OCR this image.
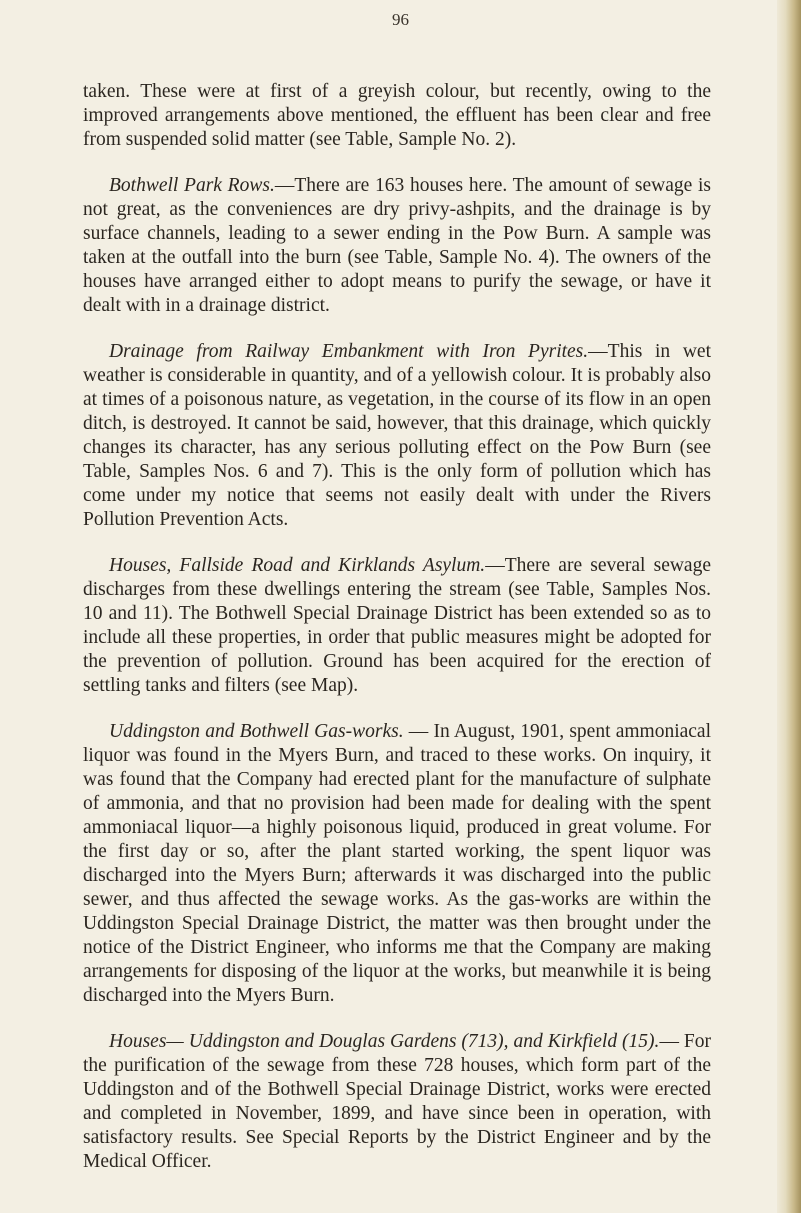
96

taken. These were at first of a greyish colour, but recently, owing to the improved arrangements above mentioned, the effluent has been clear and free from suspended solid matter (see Table, Sample No. 2).

Bothwell Park Rows.—There are 163 houses here. The amount of sewage is not great, as the conveniences are dry privy-ashpits, and the drainage is by surface channels, leading to a sewer ending in the Pow Burn. A sample was taken at the outfall into the burn (see Table, Sample No. 4). The owners of the houses have arranged either to adopt means to purify the sewage, or have it dealt with in a drainage district.

Drainage from Railway Embankment with Iron Pyrites.—This in wet weather is considerable in quantity, and of a yellowish colour. It is probably also at times of a poisonous nature, as vegetation, in the course of its flow in an open ditch, is destroyed. It cannot be said, however, that this drainage, which quickly changes its character, has any serious polluting effect on the Pow Burn (see Table, Samples Nos. 6 and 7). This is the only form of pollution which has come under my notice that seems not easily dealt with under the Rivers Pollution Prevention Acts.

Houses, Fallside Road and Kirklands Asylum.—There are several sewage discharges from these dwellings entering the stream (see Table, Samples Nos. 10 and 11). The Bothwell Special Drainage District has been extended so as to include all these properties, in order that public measures might be adopted for the prevention of pollution. Ground has been acquired for the erection of settling tanks and filters (see Map).

Uddingston and Bothwell Gas-works. — In August, 1901, spent ammoniacal liquor was found in the Myers Burn, and traced to these works. On inquiry, it was found that the Company had erected plant for the manufacture of sulphate of ammonia, and that no provision had been made for dealing with the spent ammoniacal liquor—a highly poisonous liquid, produced in great volume. For the first day or so, after the plant started working, the spent liquor was discharged into the Myers Burn; afterwards it was discharged into the public sewer, and thus affected the sewage works. As the gas-works are within the Uddingston Special Drainage District, the matter was then brought under the notice of the District Engineer, who informs me that the Company are making arrangements for disposing of the liquor at the works, but meanwhile it is being discharged into the Myers Burn.

Houses— Uddingston and Douglas Gardens (713), and Kirkfield (15).— For the purification of the sewage from these 728 houses, which form part of the Uddingston and of the Bothwell Special Drainage District, works were erected and completed in November, 1899, and have since been in operation, with satisfactory results. See Special Reports by the District Engineer and by the Medical Officer.
